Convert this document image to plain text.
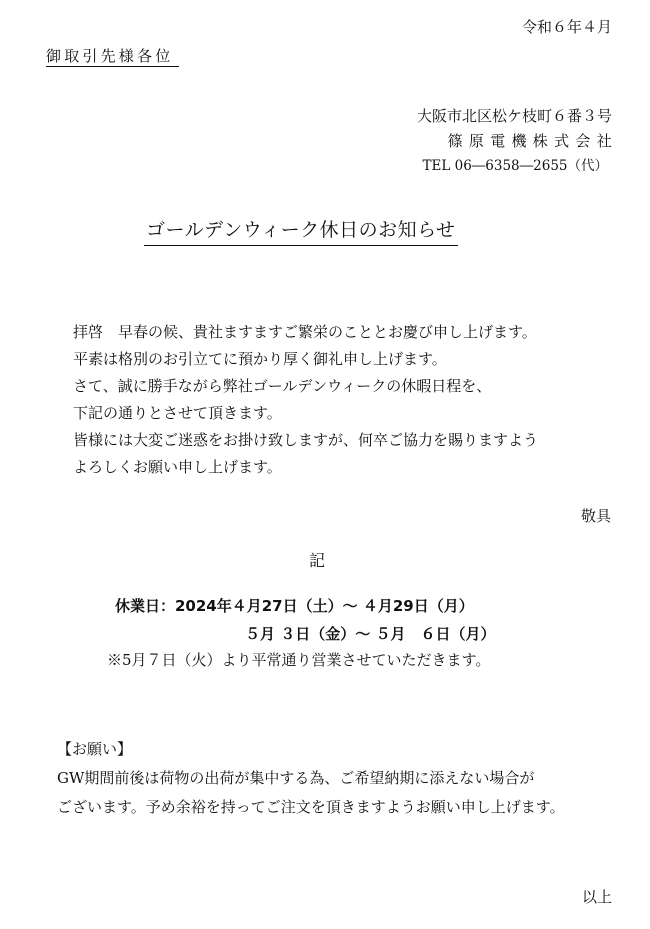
令和６年４月
御取引先様各位
大阪市北区松ケ枝町６番３号
篠原電機株式会社
TEL 06―6358―2655（代）
ゴールデンウィーク休日のお知らせ
拝啓　早春の候、貴社ますますご繁栄のこととお慶び申し上げます。
平素は格別のお引立てに預かり厚く御礼申し上げます。
さて、誠に勝手ながら弊社ゴールデンウィークの休暇日程を、
下記の通りとさせて頂きます。
皆様には大変ご迷惑をお掛け致しますが、何卒ご協力を賜りますよう
よろしくお願い申し上げます。
敬具
記
休業日：2024年４月27日（土）～ ４月29日（月）
５月 ３日（金）～ ５月　６日（月）
※5月７日（火）より平常通り営業させていただきます。
【お願い】
GW期間前後は荷物の出荷が集中する為、ご希望納期に添えない場合が
ございます。予め余裕を持ってご注文を頂きますようお願い申し上げます。
以上
